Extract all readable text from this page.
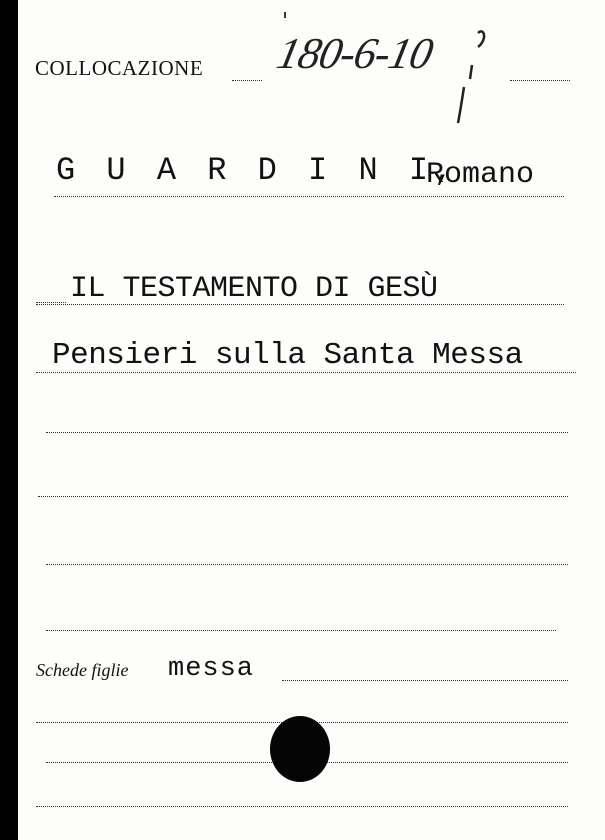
COLLOCAZIONE 180-6-10
G U A R D I N I,
Romano
IL TESTAMENTO DI GESÙ
Pensieri sulla Santa Messa
Schede figlie messa
